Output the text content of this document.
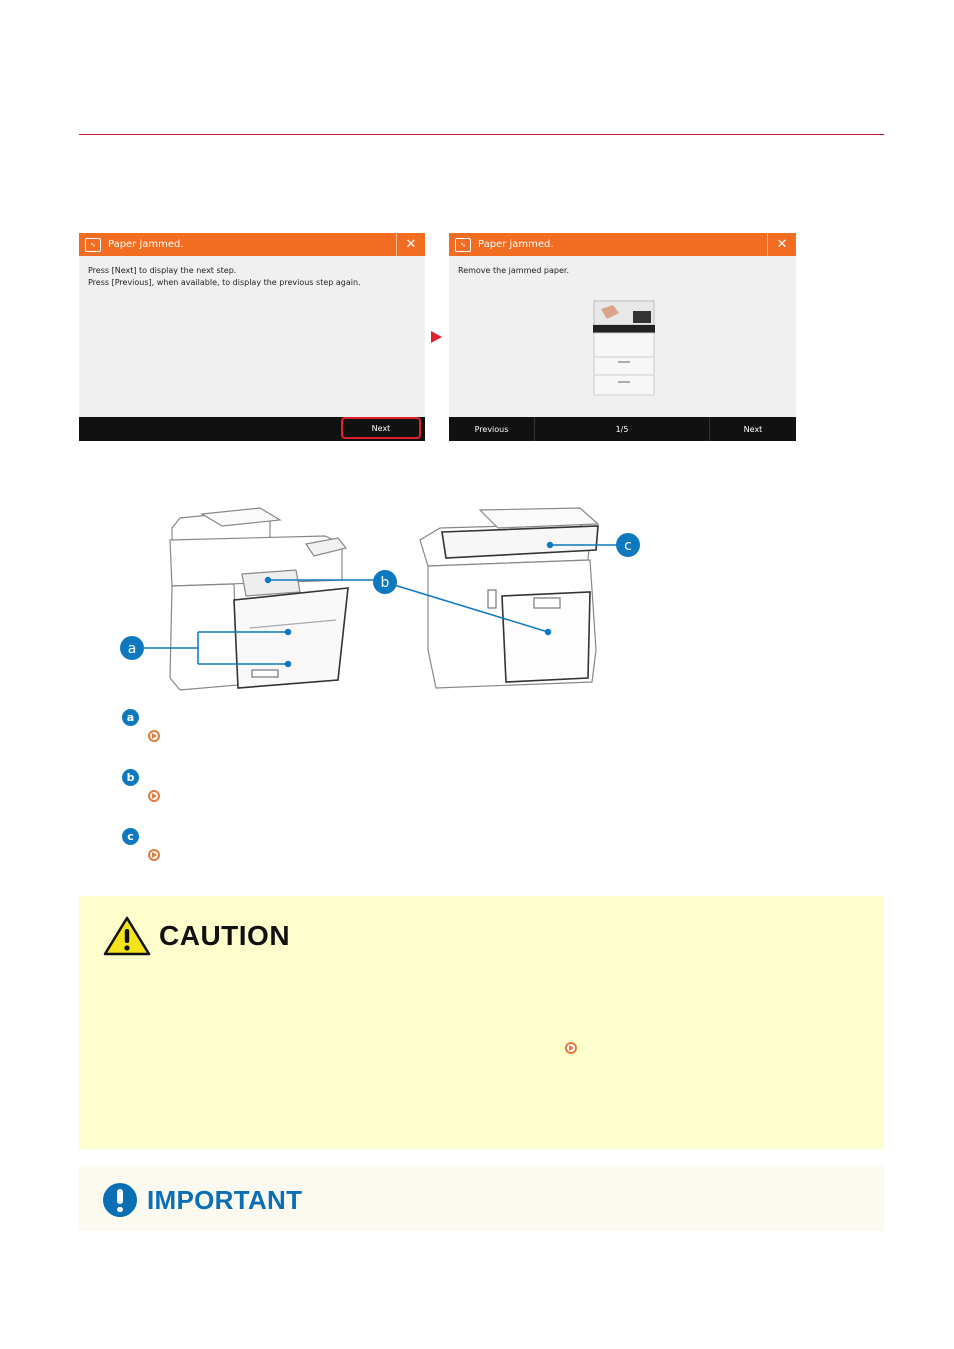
∿	Paper jammed.	✕
Press [Next] to display the next step.
Press [Previous], when available, to display the previous step again.
Next
∿	Paper jammed.	✕
Remove the jammed paper.
Previous	1/5	Next
a
b
c
a
b
c
CAUTION
IMPORTANT
